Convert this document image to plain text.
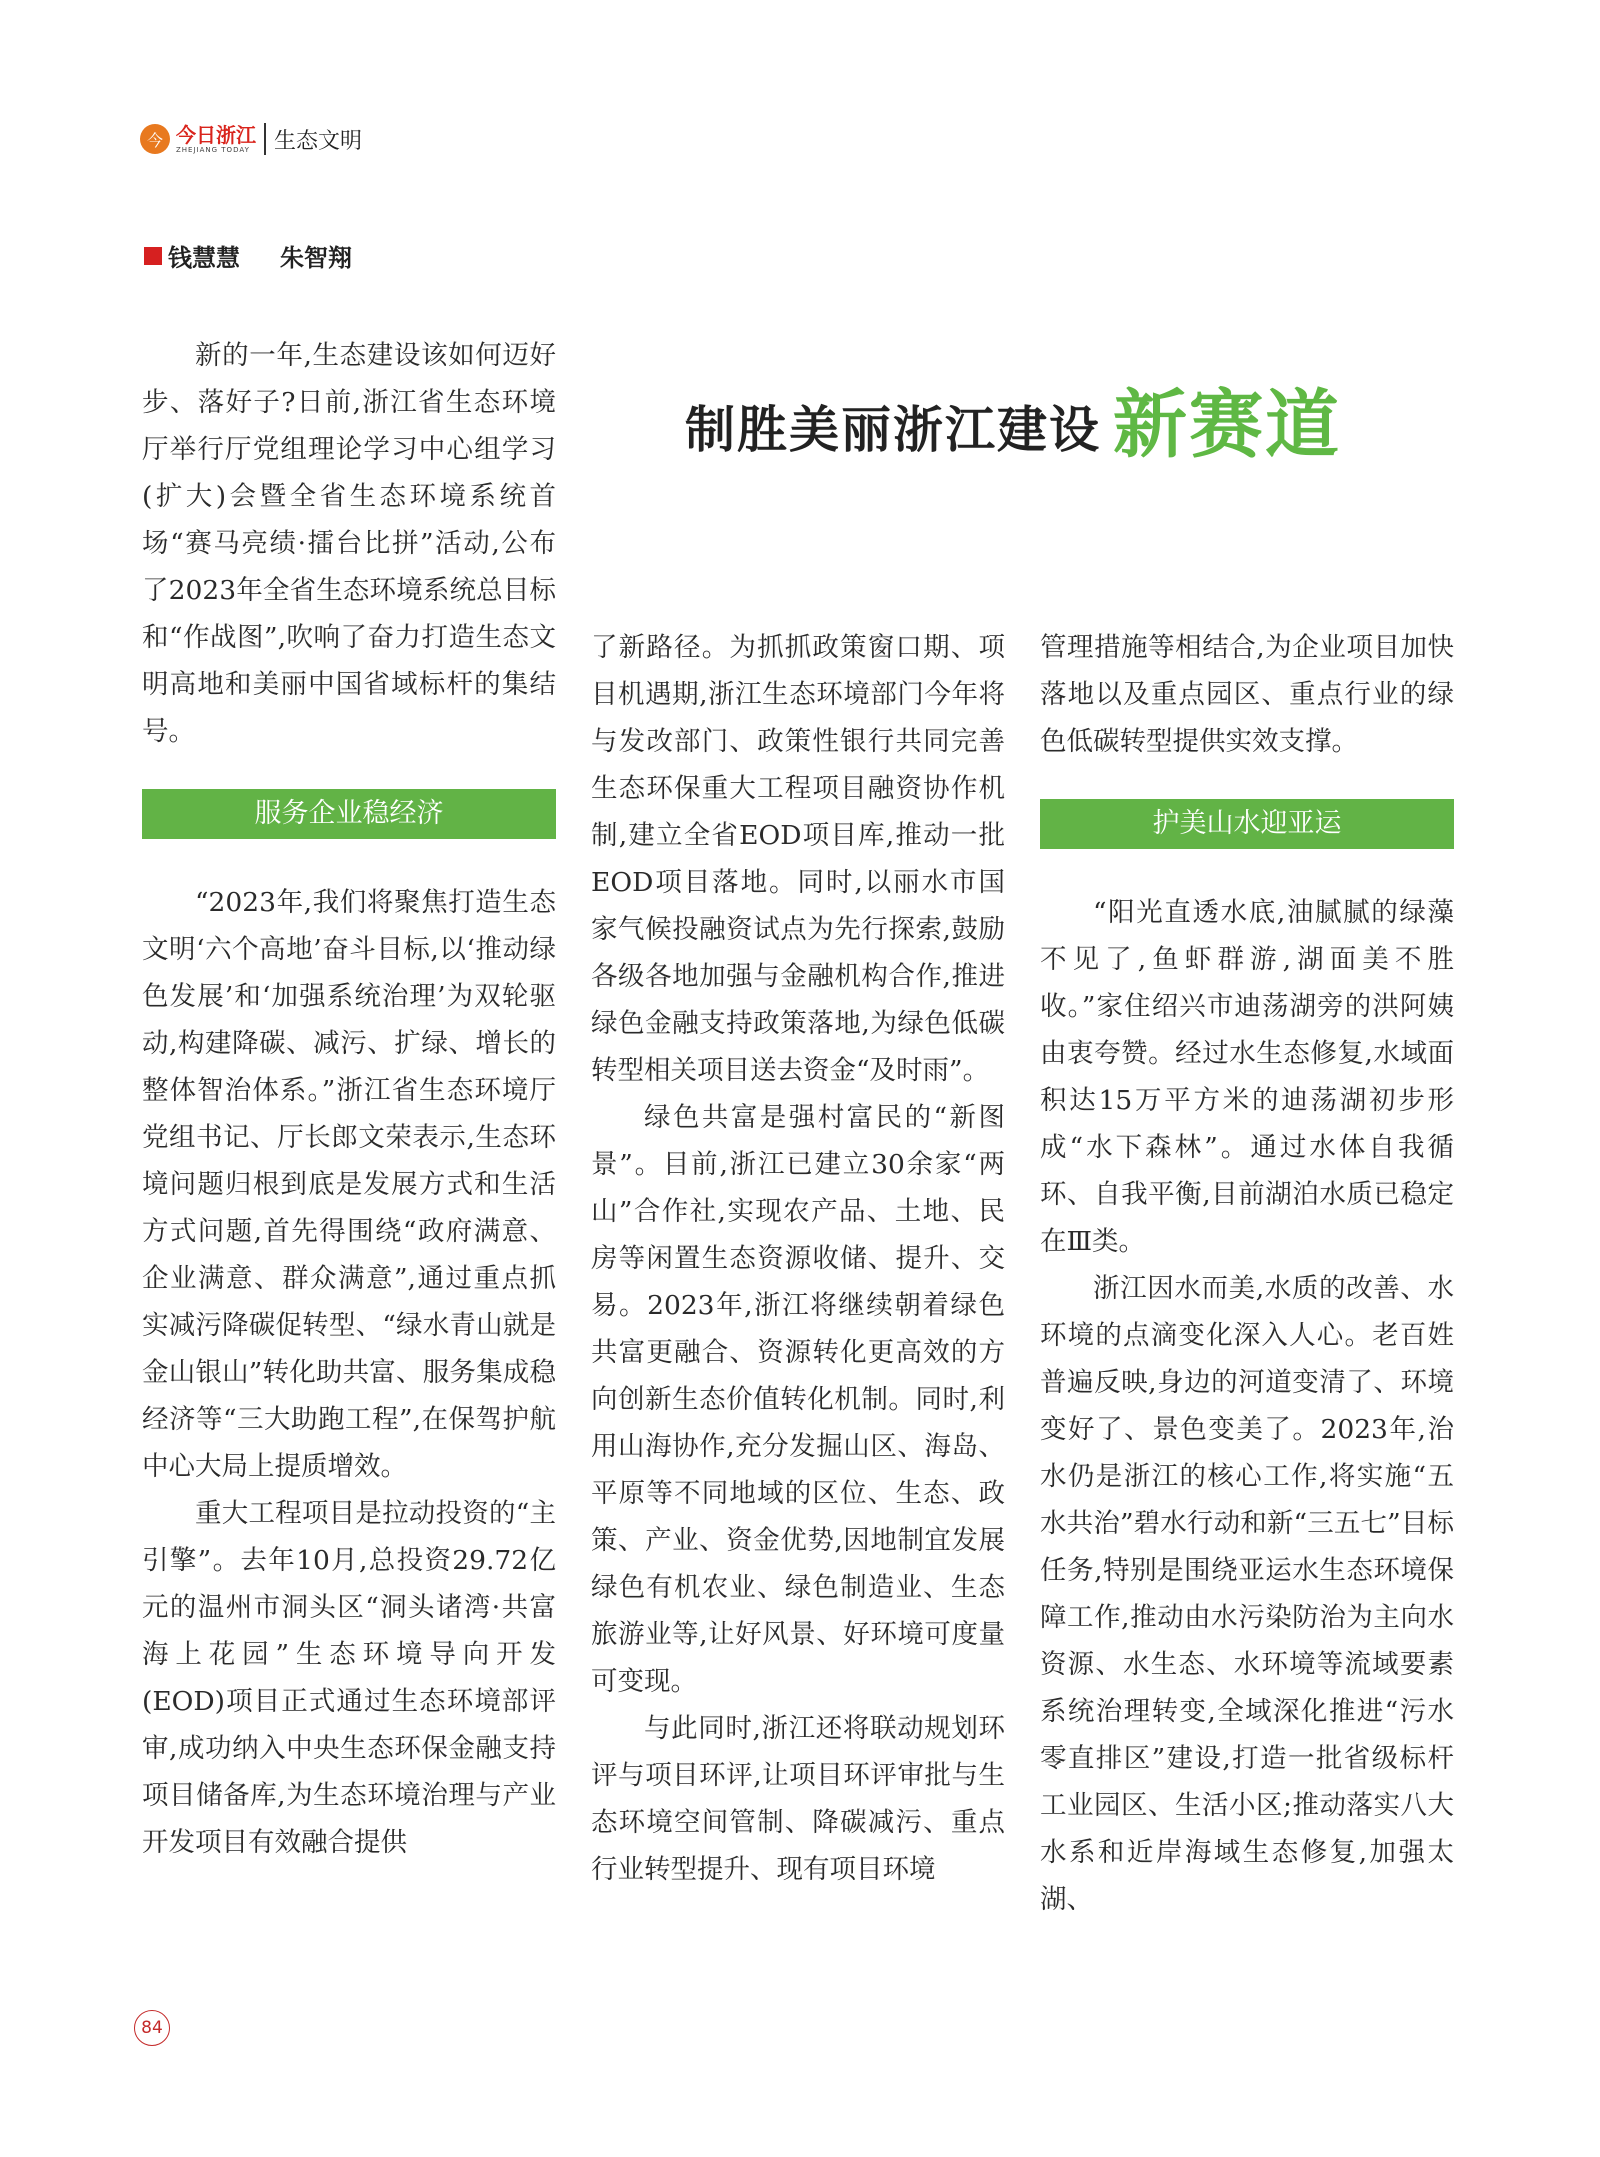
今 今日浙江
ZHEJIANG TODAY 生态文明
钱慧慧 朱智翔
制胜美丽浙江建设 新赛道

新的一年,生态建设该如何迈好步、落好子?日前,浙江省生态环境厅举行厅党组理论学习中心组学习(扩大)会暨全省生态环境系统首场“赛马亮绩·擂台比拼”活动,公布了2023年全省生态环境系统总目标和“作战图”,吹响了奋力打造生态文明高地和美丽中国省域标杆的集结号。

服务企业稳经济

“2023年,我们将聚焦打造生态文明‘六个高地’奋斗目标,以‘推动绿色发展’和‘加强系统治理’为双轮驱动,构建降碳、减污、扩绿、增长的整体智治体系。”浙江省生态环境厅党组书记、厅长郎文荣表示,生态环境问题归根到底是发展方式和生活方式问题,首先得围绕“政府满意、企业满意、群众满意”,通过重点抓实减污降碳促转型、“绿水青山就是金山银山”转化助共富、服务集成稳经济等“三大助跑工程”,在保驾护航中心大局上提质增效。

重大工程项目是拉动投资的“主引擎”。去年10月,总投资29.72亿元的温州市洞头区“洞头诸湾·共富海上花园”生态环境导向开发(EOD)项目正式通过生态环境部评审,成功纳入中央生态环保金融支持项目储备库,为生态环境治理与产业开发项目有效融合提供

了新路径。为抓抓政策窗口期、项目机遇期,浙江生态环境部门今年将与发改部门、政策性银行共同完善生态环保重大工程项目融资协作机制,建立全省EOD项目库,推动一批EOD项目落地。同时,以丽水市国家气候投融资试点为先行探索,鼓励各级各地加强与金融机构合作,推进绿色金融支持政策落地,为绿色低碳转型相关项目送去资金“及时雨”。

绿色共富是强村富民的“新图景”。目前,浙江已建立30余家“两山”合作社,实现农产品、土地、民房等闲置生态资源收储、提升、交易。2023年,浙江将继续朝着绿色共富更融合、资源转化更高效的方向创新生态价值转化机制。同时,利用山海协作,充分发掘山区、海岛、平原等不同地域的区位、生态、政策、产业、资金优势,因地制宜发展绿色有机农业、绿色制造业、生态旅游业等,让好风景、好环境可度量可变现。

与此同时,浙江还将联动规划环评与项目环评,让项目环评审批与生态环境空间管制、降碳减污、重点行业转型提升、现有项目环境

管理措施等相结合,为企业项目加快落地以及重点园区、重点行业的绿色低碳转型提供实效支撑。

护美山水迎亚运

“阳光直透水底,油腻腻的绿藻不见了,鱼虾群游,湖面美不胜收。”家住绍兴市迪荡湖旁的洪阿姨由衷夸赞。经过水生态修复,水域面积达15万平方米的迪荡湖初步形成“水下森林”。通过水体自我循环、自我平衡,目前湖泊水质已稳定在Ⅲ类。

浙江因水而美,水质的改善、水环境的点滴变化深入人心。老百姓普遍反映,身边的河道变清了、环境变好了、景色变美了。2023年,治水仍是浙江的核心工作,将实施“五水共治”碧水行动和新“三五七”目标任务,特别是围绕亚运水生态环境保障工作,推动由水污染防治为主向水资源、水生态、水环境等流域要素系统治理转变,全域深化推进“污水零直排区”建设,打造一批省级标杆工业园区、生活小区;推动落实八大水系和近岸海域生态修复,加强太湖、

84
